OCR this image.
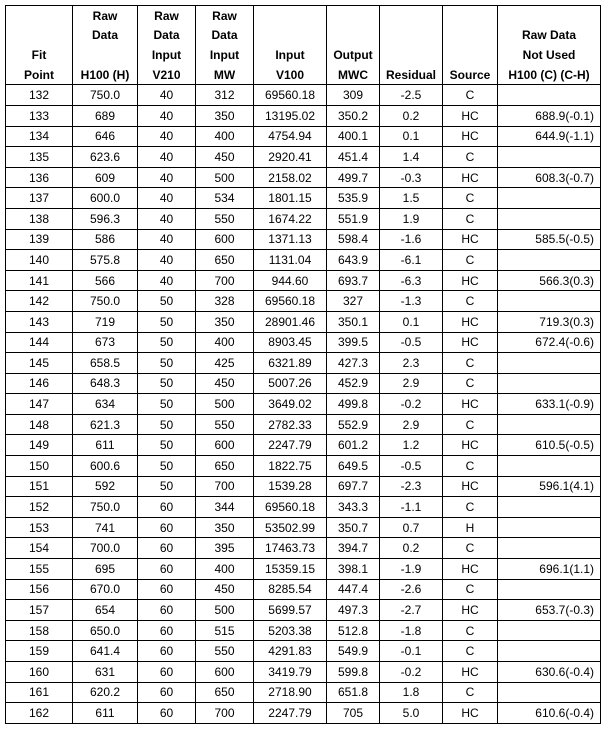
	Raw	Raw	Raw					
	Data	Data	Data					Raw Data
Fit		Input	Input	Input	Output			Not Used
Point	H100 (H)	V210	MW	V100	MWC	Residual	Source	H100 (C) (C-H)
132	750.0	40	312	69560.18	309	-2.5	C	
133	689	40	350	13195.02	350.2	0.2	HC	688.9(-0.1)
134	646	40	400	4754.94	400.1	0.1	HC	644.9(-1.1)
135	623.6	40	450	2920.41	451.4	1.4	C	
136	609	40	500	2158.02	499.7	-0.3	HC	608.3(-0.7)
137	600.0	40	534	1801.15	535.9	1.5	C	
138	596.3	40	550	1674.22	551.9	1.9	C	
139	586	40	600	1371.13	598.4	-1.6	HC	585.5(-0.5)
140	575.8	40	650	1131.04	643.9	-6.1	C	
141	566	40	700	944.60	693.7	-6.3	HC	566.3(0.3)
142	750.0	50	328	69560.18	327	-1.3	C	
143	719	50	350	28901.46	350.1	0.1	HC	719.3(0.3)
144	673	50	400	8903.45	399.5	-0.5	HC	672.4(-0.6)
145	658.5	50	425	6321.89	427.3	2.3	C	
146	648.3	50	450	5007.26	452.9	2.9	C	
147	634	50	500	3649.02	499.8	-0.2	HC	633.1(-0.9)
148	621.3	50	550	2782.33	552.9	2.9	C	
149	611	50	600	2247.79	601.2	1.2	HC	610.5(-0.5)
150	600.6	50	650	1822.75	649.5	-0.5	C	
151	592	50	700	1539.28	697.7	-2.3	HC	596.1(4.1)
152	750.0	60	344	69560.18	343.3	-1.1	C	
153	741	60	350	53502.99	350.7	0.7	H	
154	700.0	60	395	17463.73	394.7	0.2	C	
155	695	60	400	15359.15	398.1	-1.9	HC	696.1(1.1)
156	670.0	60	450	8285.54	447.4	-2.6	C	
157	654	60	500	5699.57	497.3	-2.7	HC	653.7(-0.3)
158	650.0	60	515	5203.38	512.8	-1.8	C	
159	641.4	60	550	4291.83	549.9	-0.1	C	
160	631	60	600	3419.79	599.8	-0.2	HC	630.6(-0.4)
161	620.2	60	650	2718.90	651.8	1.8	C	
162	611	60	700	2247.79	705	5.0	HC	610.6(-0.4)
